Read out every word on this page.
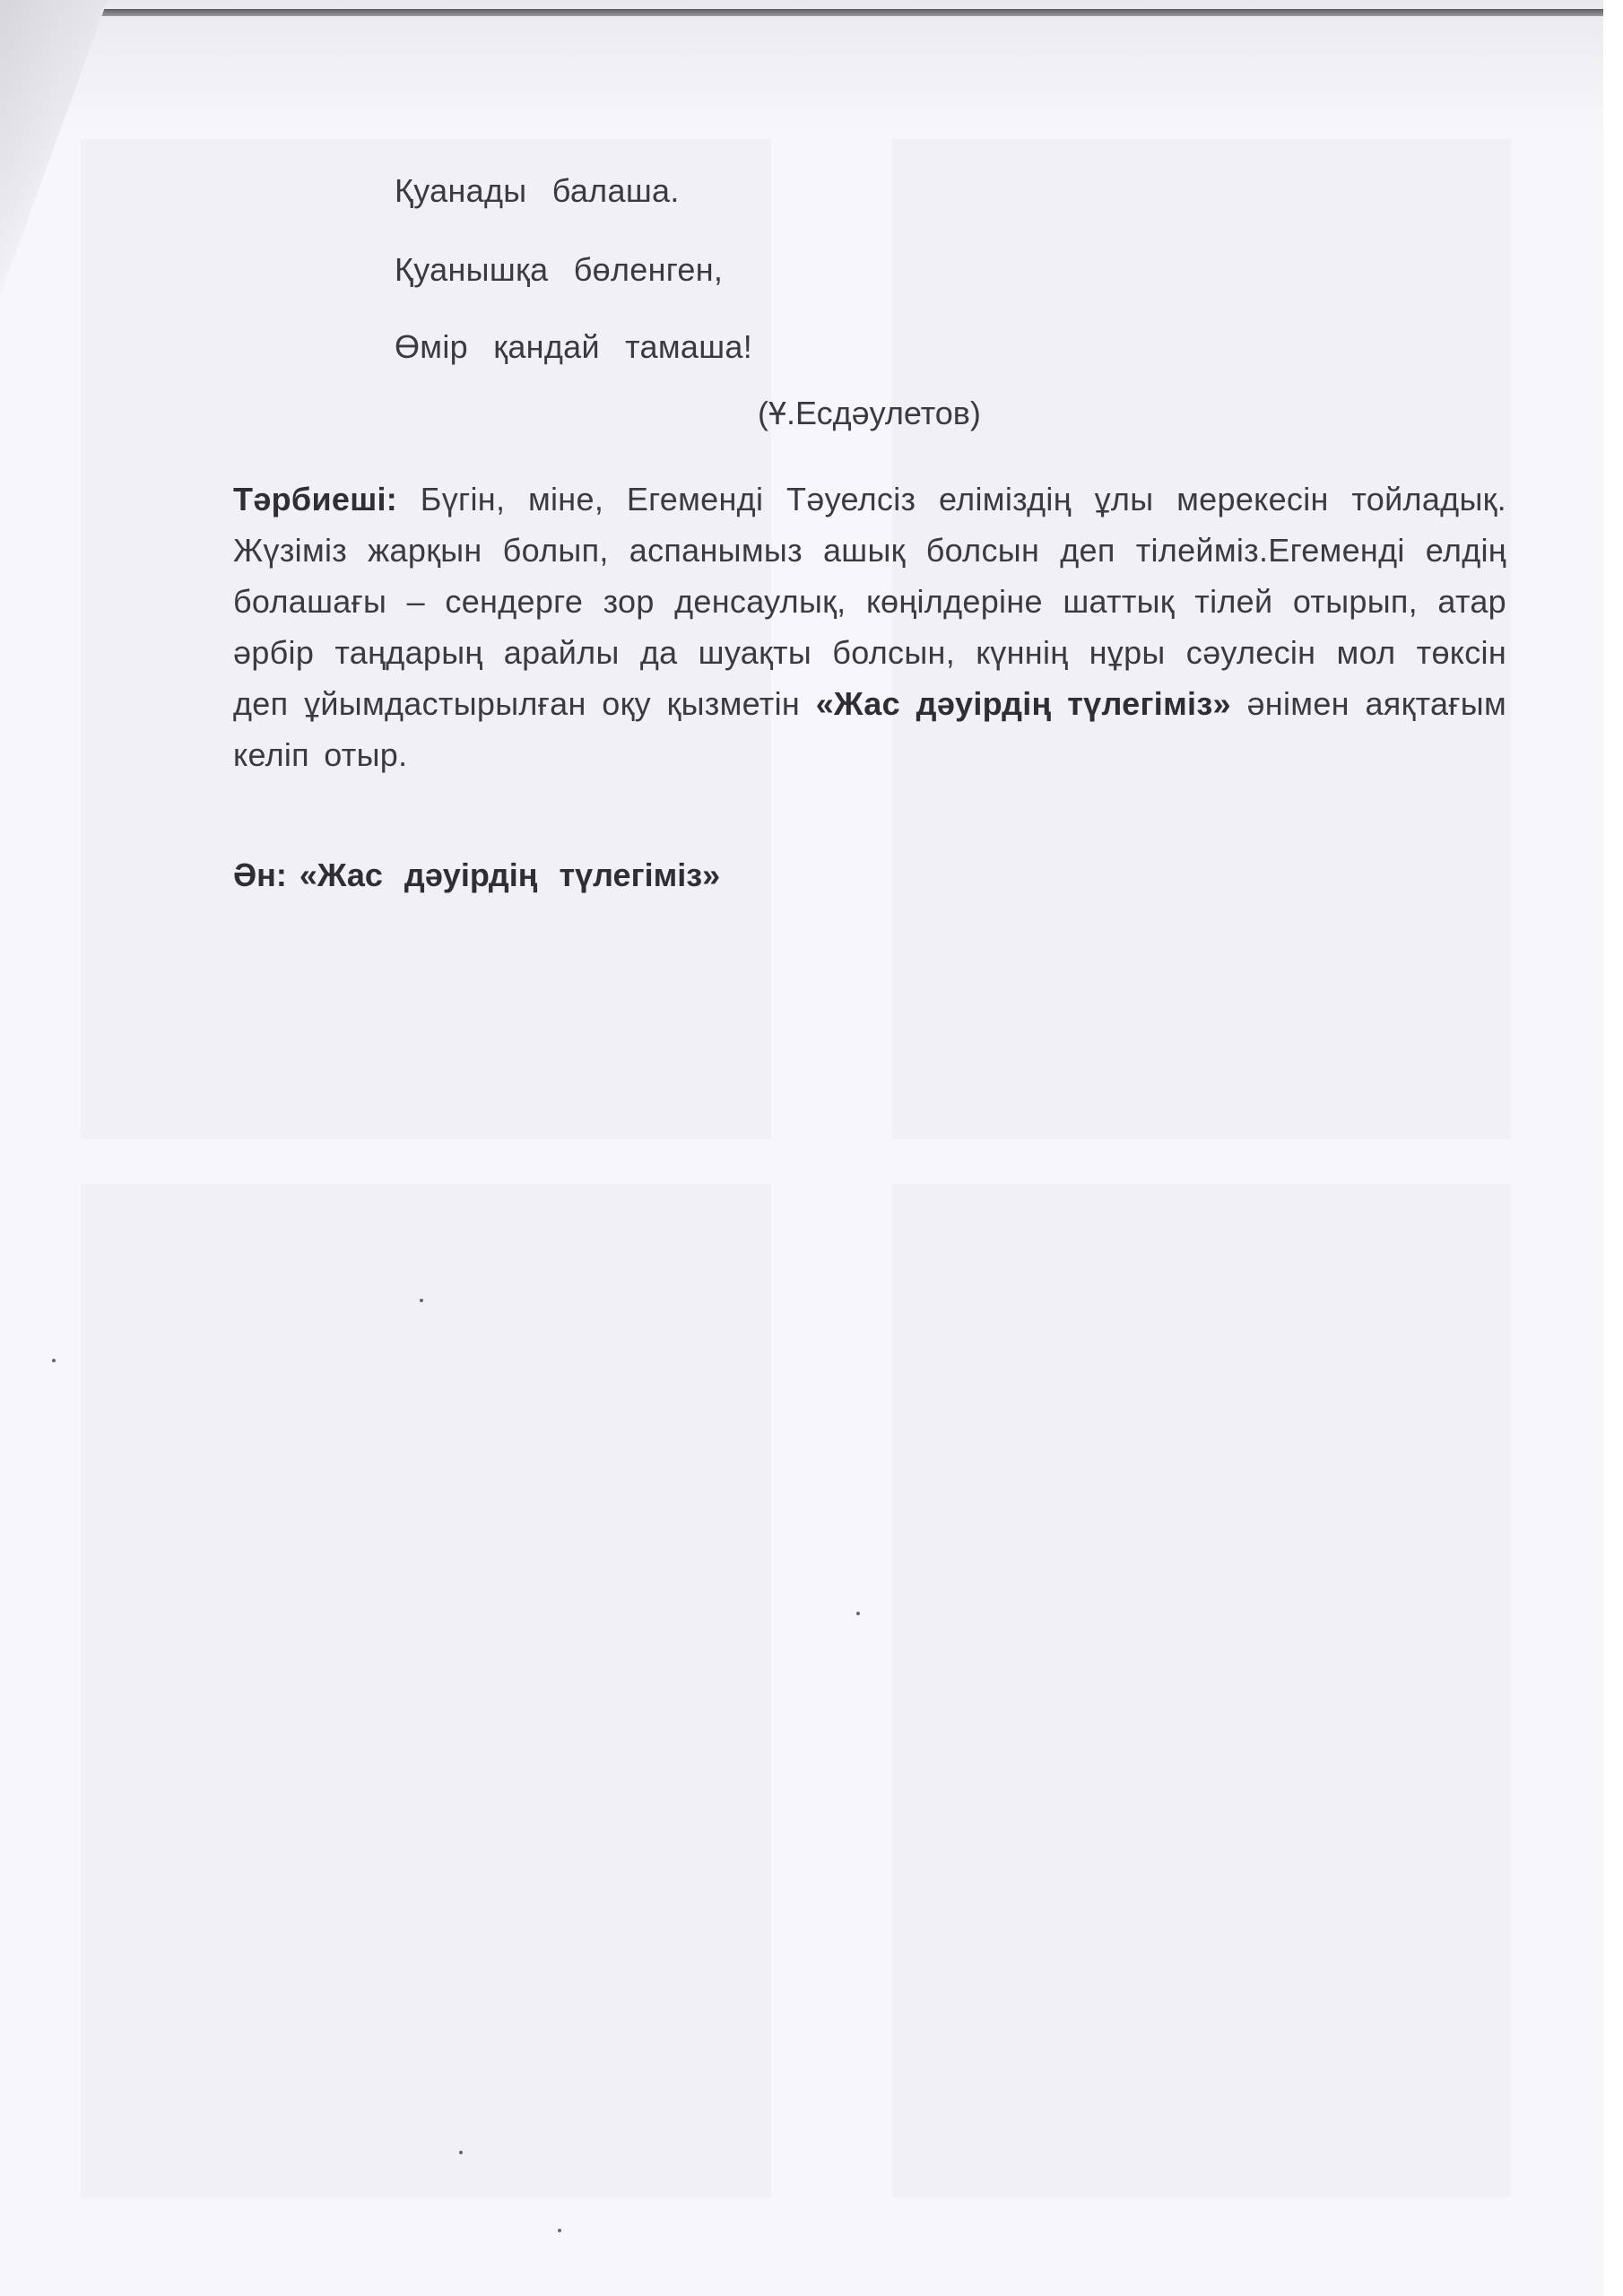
Қуанады балаша.
Қуанышқа бөленген,
Өмір қандай тамаша!
(Ұ.Есдәулетов)
Тәрбиеші: Бүгін, міне, Егеменді Тәуелсіз еліміздің ұлы мерекесін тойладық. Жүзіміз жарқын болып, аспанымыз ашық болсын деп тілейміз.Егеменді елдің болашағы – сендерге зор денсаулық, көңілдеріне шаттық тілей отырып, атар әрбір таңдарың арайлы да шуақты болсын, күннің нұры сәулесін мол төксін деп ұйымдастырылған оқу қызметін «Жас дәуірдің түлегіміз» әнімен аяқтағым келіп отыр.
Ән: «Жас дәуірдің түлегіміз»
